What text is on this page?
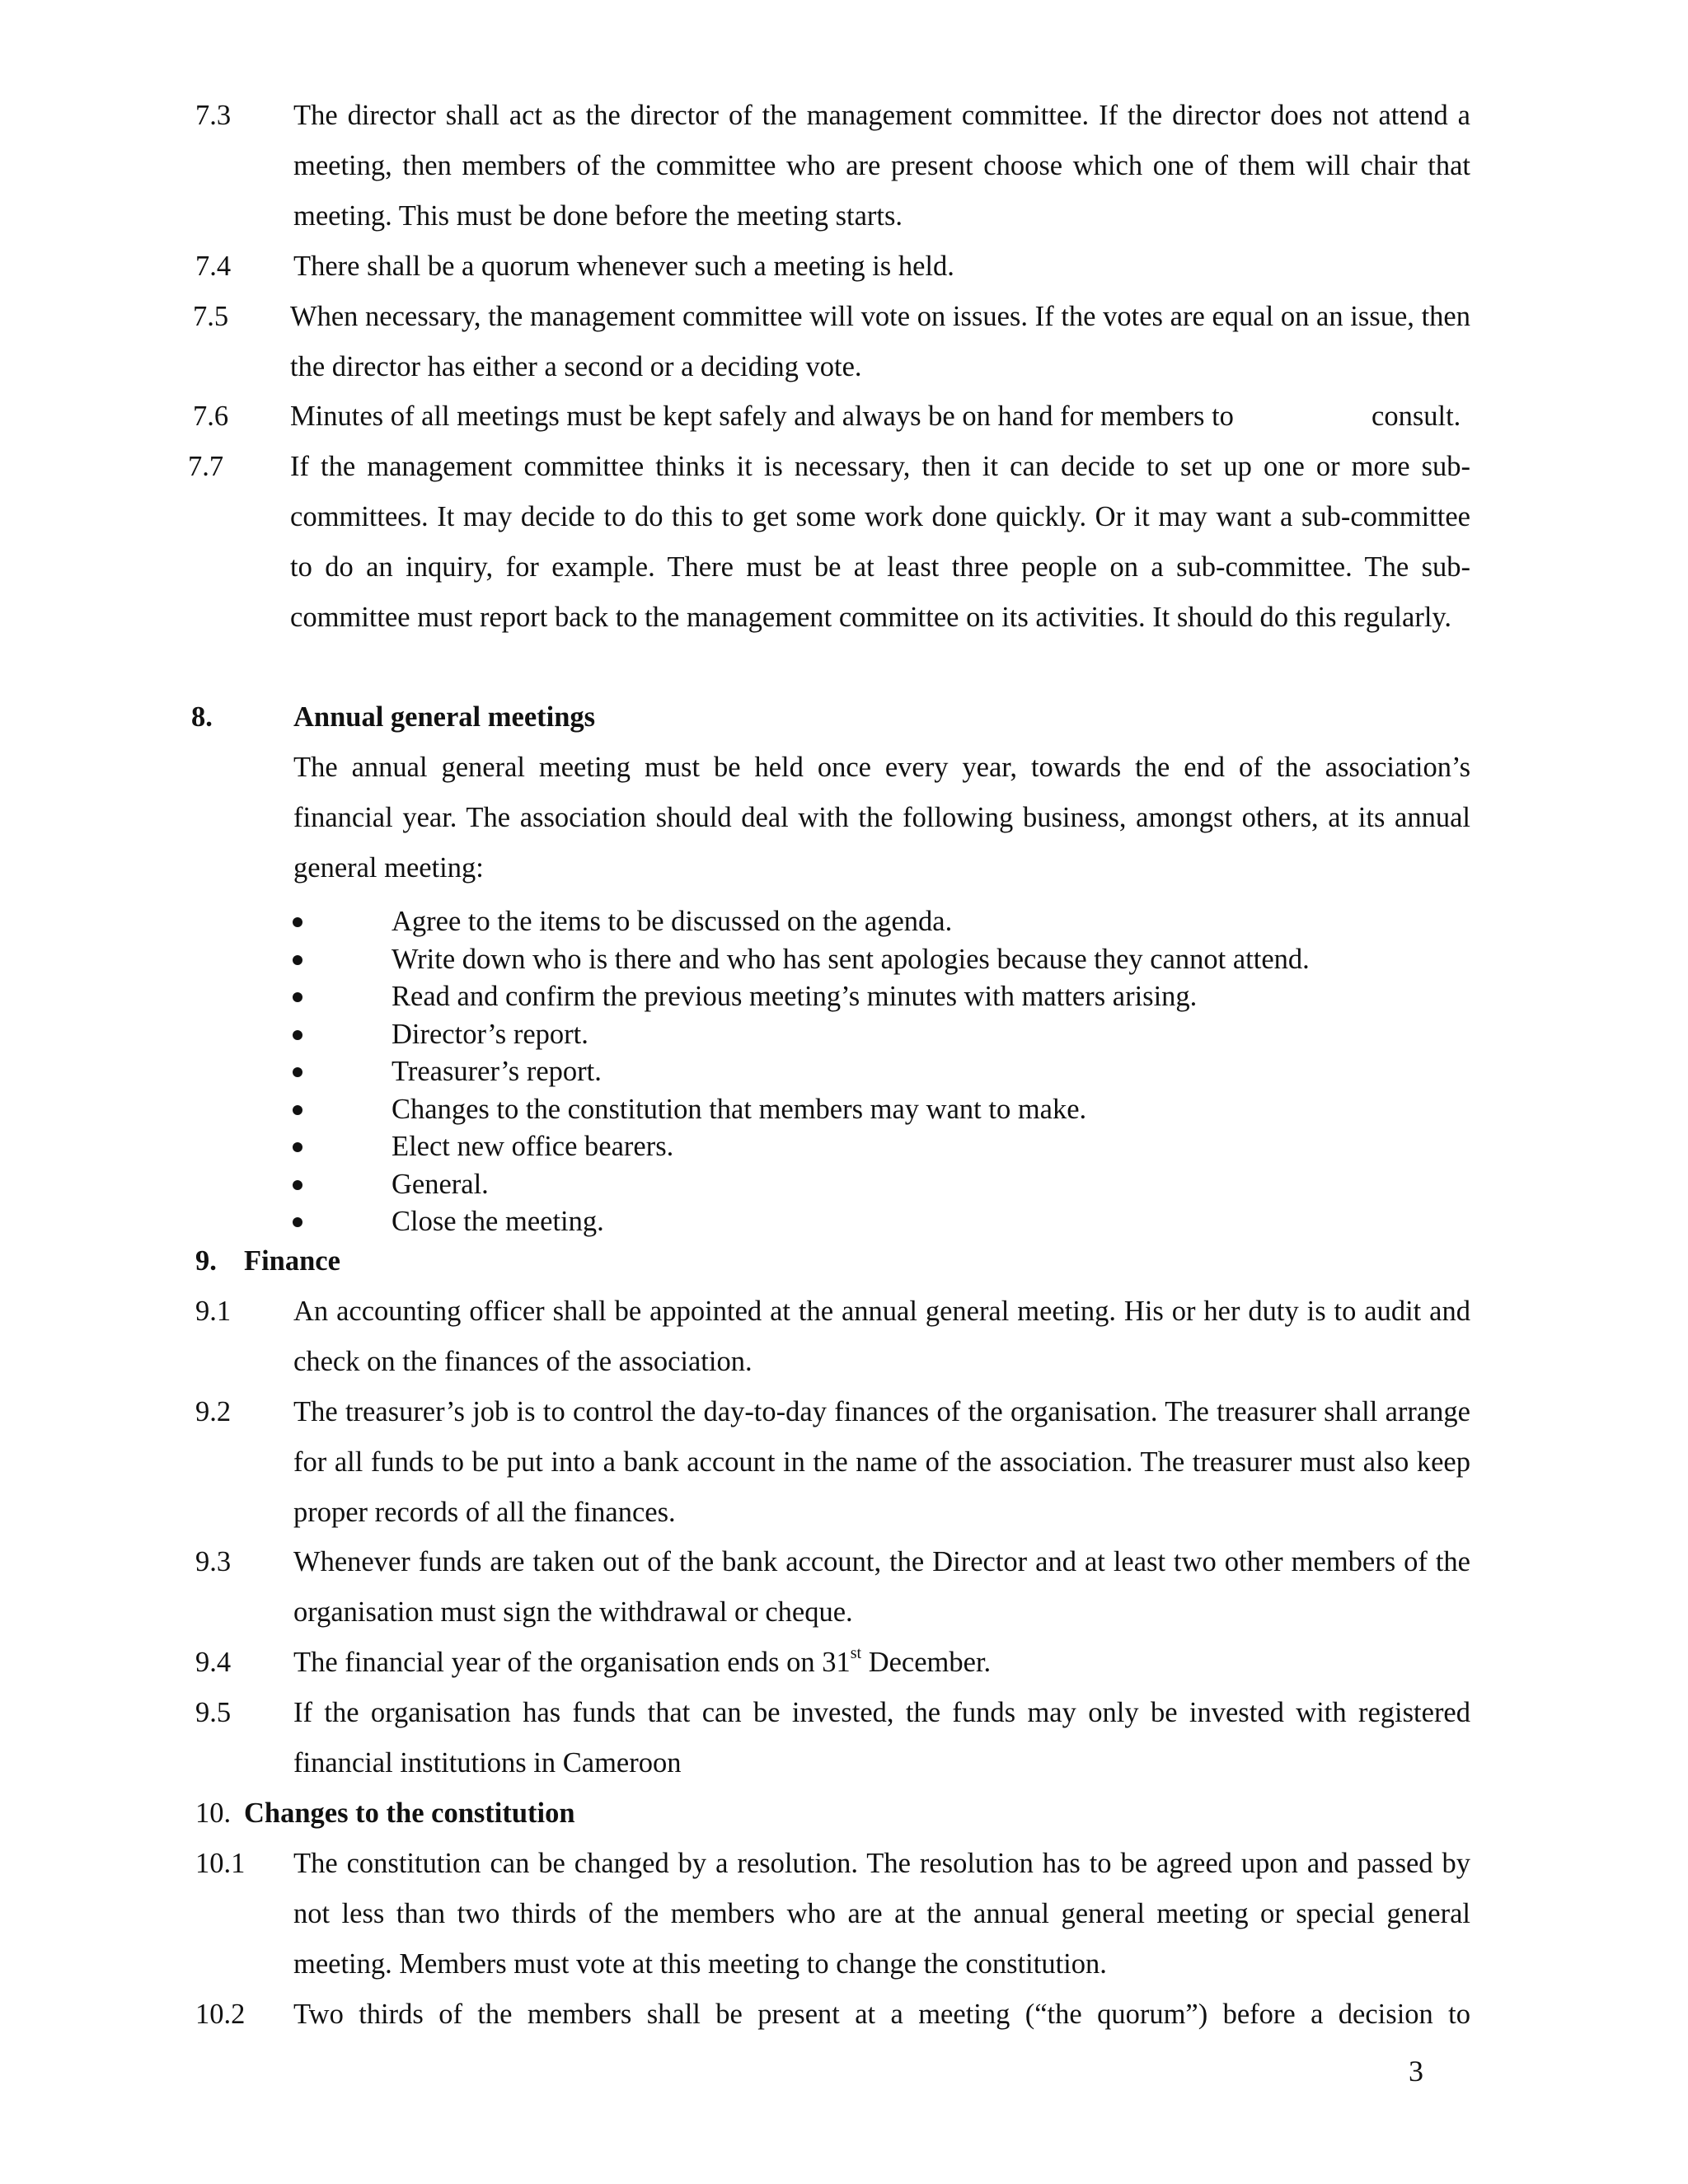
7.3 The director shall act as the director of the management committee. If the director does not attend a meeting, then members of the committee who are present choose which one of them will chair that meeting. This must be done before the meeting starts.
7.4 There shall be a quorum whenever such a meeting is held.
7.5 When necessary, the management committee will vote on issues. If the votes are equal on an issue, then the director has either a second or a deciding vote.
7.6 Minutes of all meetings must be kept safely and always be on hand for members to	consult.
7.7 If the management committee thinks it is necessary, then it can decide to set up one or more sub-committees. It may decide to do this to get some work done quickly. Or it may want a sub-committee to do an inquiry, for example. There must be at least three people on a sub-committee. The sub-committee must report back to the management committee on its activities. It should do this regularly.
8.	Annual general meetings
The annual general meeting must be held once every year, towards the end of the association’s financial year. The association should deal with the following business, amongst others, at its annual general meeting:
Agree to the items to be discussed on the agenda.
Write down who is there and who has sent apologies because they cannot attend.
Read and confirm the previous meeting’s minutes with matters arising.
Director’s report.
Treasurer’s report.
Changes to the constitution that members may want to make.
Elect new office bearers.
General.
Close the meeting.
9. Finance
9.1 An accounting officer shall be appointed at the annual general meeting. His or her duty is to audit and check on the finances of the association.
9.2 The treasurer’s job is to control the day-to-day finances of the organisation. The treasurer shall arrange for all funds to be put into a bank account in the name of the association. The treasurer must also keep proper records of all the finances.
9.3 Whenever funds are taken out of the bank account, the Director and at least two other members of the organisation must sign the withdrawal or cheque.
9.4 The financial year of the organisation ends on 31st December.
9.5 If the organisation has funds that can be invested, the funds may only be invested with registered financial institutions in Cameroon
10. Changes to the constitution
10.1 The constitution can be changed by a resolution. The resolution has to be agreed upon and passed by not less than two thirds of the members who are at the annual general meeting or special general meeting. Members must vote at this meeting to change the constitution.
10.2 Two thirds of the members shall be present at a meeting (“the quorum”) before a decision to
3
